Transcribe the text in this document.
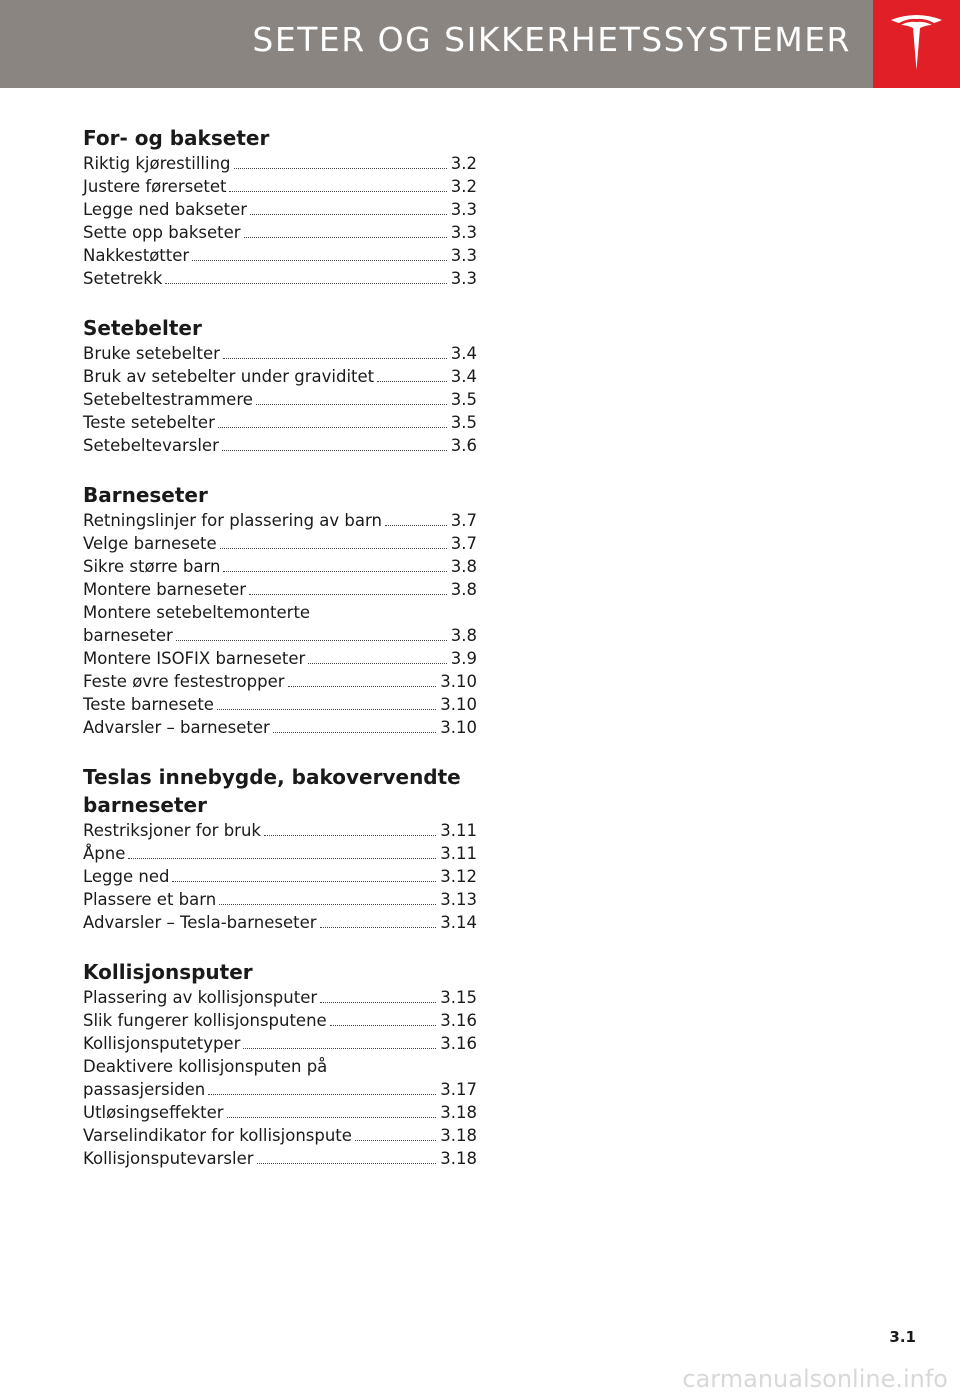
SETER OG SIKKERHETSSYSTEMER
For- og bakseter
Riktig kjørestilling	3.2
Justere førersetet	3.2
Legge ned bakseter	3.3
Sette opp bakseter	3.3
Nakkestøtter	3.3
Setetrekk	3.3
Setebelter
Bruke setebelter	3.4
Bruk av setebelter under graviditet	3.4
Setebeltestrammere	3.5
Teste setebelter	3.5
Setebeltevarsler	3.6
Barneseter
Retningslinjer for plassering av barn	3.7
Velge barnesete	3.7
Sikre større barn	3.8
Montere barneseter	3.8
Montere setebeltemonterte
barneseter	3.8
Montere ISOFIX barneseter	3.9
Feste øvre festestropper	3.10
Teste barnesete	3.10
Advarsler – barneseter	3.10
Teslas innebygde, bakovervendte barneseter
Restriksjoner for bruk	3.11
Åpne	3.11
Legge ned	3.12
Plassere et barn	3.13
Advarsler – Tesla-barneseter	3.14
Kollisjonsputer
Plassering av kollisjonsputer	3.15
Slik fungerer kollisjonsputene	3.16
Kollisjonsputetyper	3.16
Deaktivere kollisjonsputen på
passasjersiden	3.17
Utløsingseffekter	3.18
Varselindikator for kollisjonspute	3.18
Kollisjonsputevarsler	3.18
3.1
carmanualsonline.info
